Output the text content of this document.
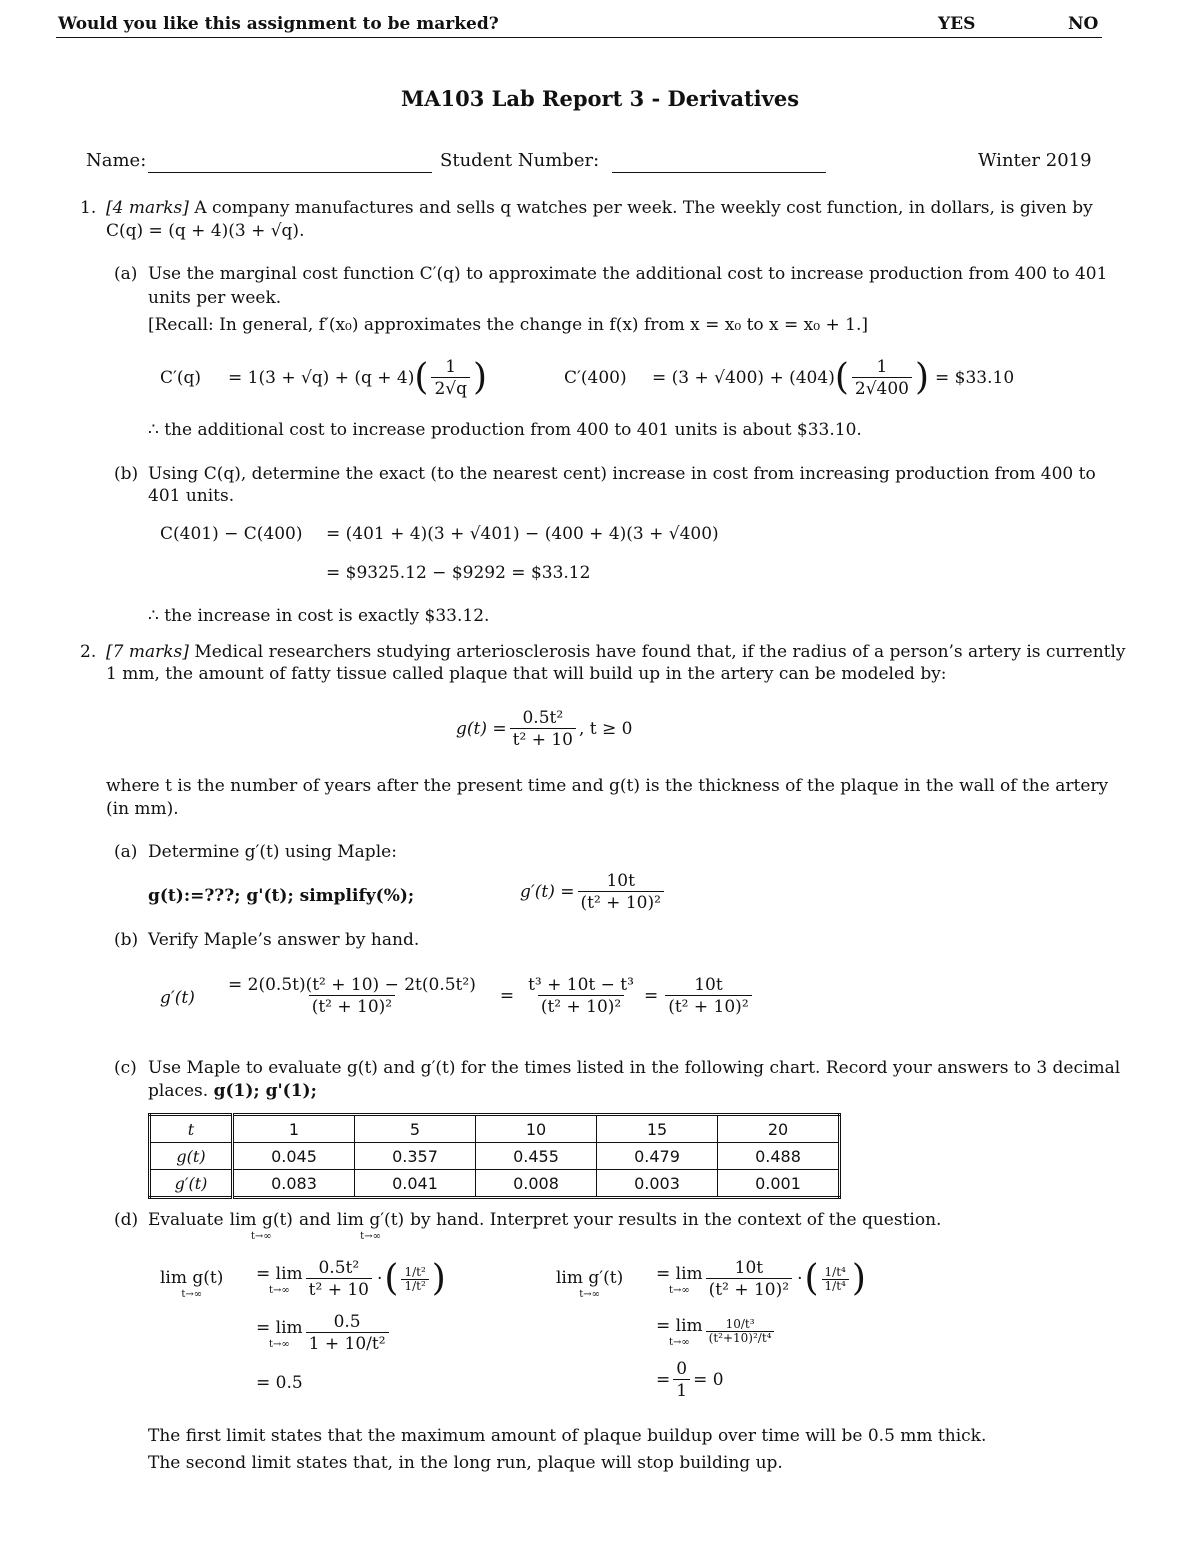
Would you like this assignment to be marked?	YES	NO
MA103 Lab Report 3 - Derivatives
Name:	Student Number:	Winter 2019
1. [4 marks] A company manufactures and sells q watches per week. The weekly cost function, in dollars, is given by
C(q) = (q + 4)(3 + √q).
(a) Use the marginal cost function C′(q) to approximate the additional cost to increase production from 400 to 401
units per week.
[Recall: In general, f′(x₀) approximates the change in f(x) from x = x₀ to x = x₀ + 1.]
C′(q) = 1(3 + √q) + (q + 4) ( $\frac{1}{2√q}$ )	C′(400) = (3 + √400) + (404) ( $\frac{1}{2√400}$ ) = $33.10
∴ the additional cost to increase production from 400 to 401 units is about $33.10.
(b) Using C(q), determine the exact (to the nearest cent) increase in cost from increasing production from 400 to
401 units.
C(401) − C(400) = (401 + 4)(3 + √401) − (400 + 4)(3 + √400)
= $9325.12 − $9292 = $33.12
∴ the increase in cost is exactly $33.12.
2. [7 marks] Medical researchers studying arteriosclerosis have found that, if the radius of a person’s artery is currently
1 mm, the amount of fatty tissue called plaque that will build up in the artery can be modeled by:
$g(t) = \frac{\text{0.5t²}}{\text{t² + 10}}$ , t ≥ 0
where t is the number of years after the present time and g(t) is the thickness of the plaque in the wall of the artery
(in mm).
(a) Determine g′(t) using Maple:
g(t):=???; g'(t); simplify(%);	$g'(t) = \frac{10t}{\text{(t² + 10)²}}$
(b) Verify Maple’s answer by hand.
$g'(t) \frac{\text{= 2(0.5t)(t² + 10) − 2t(0.5t²)}}{\text{(t² + 10)²}} = \frac{\text{t³ + 10t − t³}}{\text{(t² + 10)²}} = \frac{10t}{\text{(t² + 10)²}}$
(c) Use Maple to evaluate g(t) and g′(t) for the times listed in the following chart. Record your answers to 3 decimal
places. g(1); g'(1);
t	1	5	10	15	20
g(t)	0.045	0.357	0.455	0.479	0.488
g′(t)	0.083	0.041	0.008	0.003	0.001
(d) Evaluate lim g(t)
t→∞
and lim g′(t)
t→∞
by hand. Interpret your results in the context of the question.
lim g(t)
t→∞
= lim
$t\to\infty \frac{\text{0.5t²}}{\text{t² + 10}}$ · ( $\frac{\text{1/t²}}{\text{1/t²}}$ )
= lim
$t\to\infty \frac{0.5}{\text{1 + 10/t²}}$
= 0.5
lim g′(t)
t→∞
= lim
$t\to\infty \frac{10t}{\text{(t² + 10)²}}$ · ( $\frac{\text{1/t⁴}}{\text{1/t⁴}}$ )
= lim
$t\to\infty \frac{\text{10/t³}}{\text{(t²+10)²/t⁴}}$
= $\frac{0}{1} = 0$
The first limit states that the maximum amount of plaque buildup over time will be 0.5 mm thick.
The second limit states that, in the long run, plaque will stop building up.
